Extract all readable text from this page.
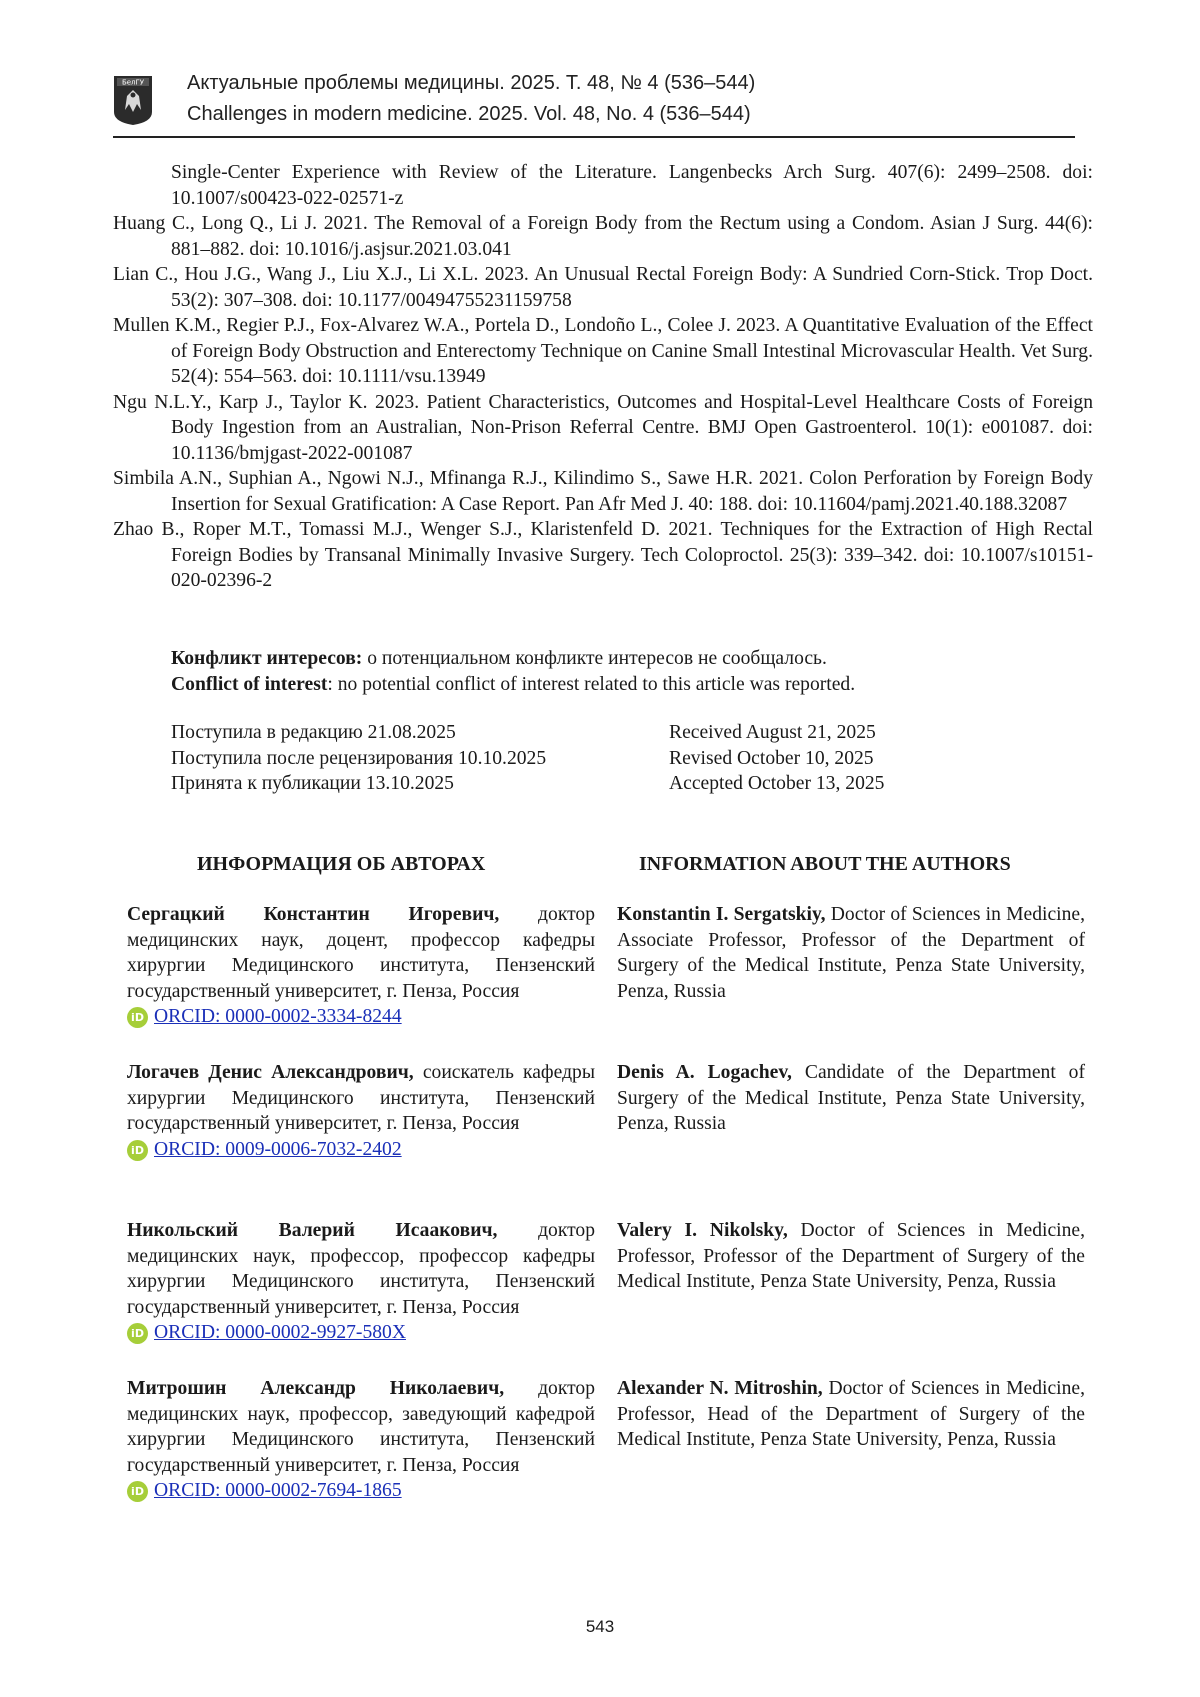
БелГУ Актуальные проблемы медицины. 2025. Т. 48, № 4 (536–544)
Challenges in modern medicine. 2025. Vol. 48, No. 4 (536–544)

Single-Center Experience with Review of the Literature. Langenbecks Arch Surg. 407(6): 2499–2508. doi: 10.1007/s00423-022-02571-z

Huang C., Long Q., Li J. 2021. The Removal of a Foreign Body from the Rectum using a Condom. Asian J Surg. 44(6): 881–882. doi: 10.1016/j.asjsur.2021.03.041

Lian C., Hou J.G., Wang J., Liu X.J., Li X.L. 2023. An Unusual Rectal Foreign Body: A Sundried Corn-Stick. Trop Doct. 53(2): 307–308. doi: 10.1177/00494755231159758

Mullen K.M., Regier P.J., Fox-Alvarez W.A., Portela D., Londoño L., Colee J. 2023. A Quantitative Evaluation of the Effect of Foreign Body Obstruction and Enterectomy Technique on Canine Small Intestinal Microvascular Health. Vet Surg. 52(4): 554–563. doi: 10.1111/vsu.13949

Ngu N.L.Y., Karp J., Taylor K. 2023. Patient Characteristics, Outcomes and Hospital-Level Healthcare Costs of Foreign Body Ingestion from an Australian, Non-Prison Referral Centre. BMJ Open Gastroenterol. 10(1): e001087. doi: 10.1136/bmjgast-2022-001087

Simbila A.N., Suphian A., Ngowi N.J., Mfinanga R.J., Kilindimo S., Sawe H.R. 2021. Colon Perforation by Foreign Body Insertion for Sexual Gratification: A Case Report. Pan Afr Med J. 40: 188. doi: 10.11604/pamj.2021.40.188.32087

Zhao B., Roper M.T., Tomassi M.J., Wenger S.J., Klaristenfeld D. 2021. Techniques for the Extraction of High Rectal Foreign Bodies by Transanal Minimally Invasive Surgery. Tech Coloproctol. 25(3): 339–342. doi: 10.1007/s10151-020-02396-2

Конфликт интересов: о потенциальном конфликте интересов не сообщалось.
Conflict of interest: no potential conflict of interest related to this article was reported.
Поступила в редакцию 21.08.2025
Поступила после рецензирования 10.10.2025
Принята к публикации 13.10.2025
Received August 21, 2025
Revised October 10, 2025
Accepted October 13, 2025
ИНФОРМАЦИЯ ОБ АВТОРАХ	INFORMATION ABOUT THE AUTHORS
Сергацкий Константин Игоревич, доктор медицинских наук, доцент, профессор кафедры хирургии Медицинского института, Пензенский государственный университет, г. Пенза, Россия
iD ORCID: 0000-0002-3334-8244
Konstantin I. Sergatskiy, Doctor of Sciences in Medicine, Associate Professor, Professor of the Department of Surgery of the Medical Institute, Penza State University, Penza, Russia
Логачев Денис Александрович, соискатель кафедры хирургии Медицинского института, Пензенский государственный университет, г. Пенза, Россия
iD ORCID: 0009-0006-7032-2402
Denis A. Logachev, Candidate of the Department of Surgery of the Medical Institute, Penza State University, Penza, Russia
Никольский Валерий Исаакович, доктор медицинских наук, профессор, профессор кафедры хирургии Медицинского института, Пензенский государственный университет, г. Пенза, Россия
iD ORCID: 0000-0002-9927-580X
Valery I. Nikolsky, Doctor of Sciences in Medicine, Professor, Professor of the Department of Surgery of the Medical Institute, Penza State University, Penza, Russia
Митрошин Александр Николаевич, доктор медицинских наук, профессор, заведующий кафедрой хирургии Медицинского института, Пензенский государственный университет, г. Пенза, Россия
iD ORCID: 0000-0002-7694-1865
Alexander N. Mitroshin, Doctor of Sciences in Medicine, Professor, Head of the Department of Surgery of the Medical Institute, Penza State University, Penza, Russia
543
